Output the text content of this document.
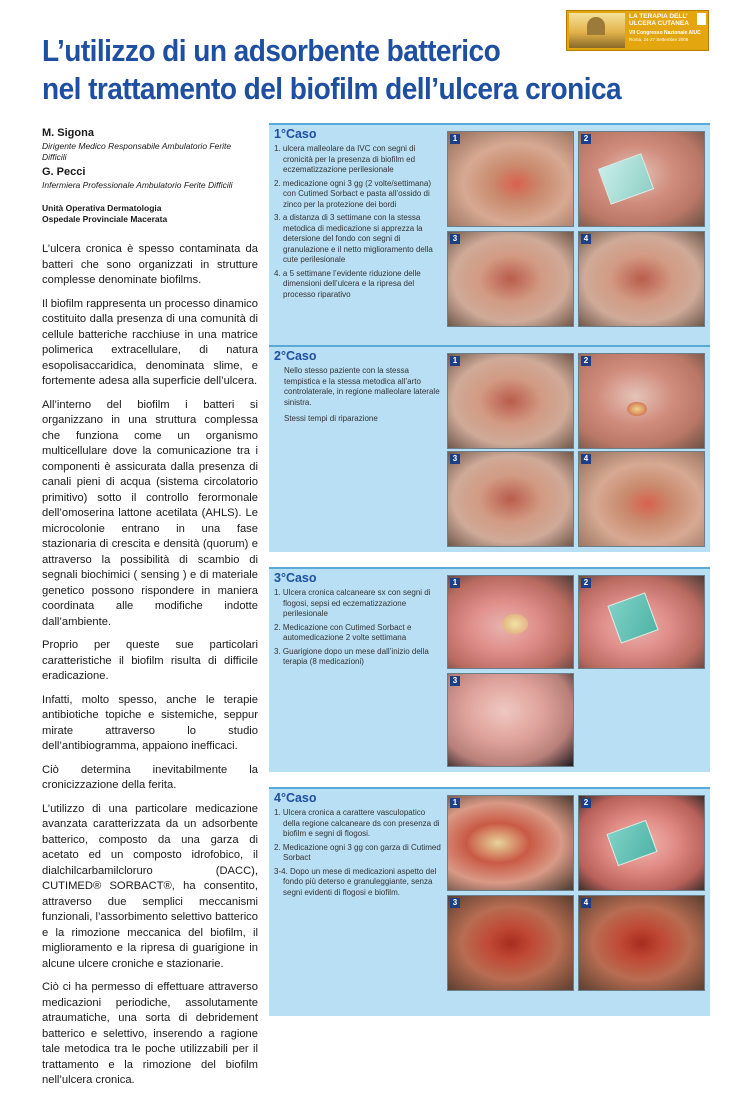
L’utilizzo di un adsorbente batterico
nel trattamento del biofilm dell’ulcera cronica
LA TERAPIA DELL’ ULCERA CUTANEA
VII Congresso Nazionale AIUC
Roma, 24-27 Settembre 2008

M. Sigona

Dirigente Medico Responsabile Ambulatorio Ferite Difficili

G. Pecci

Infermiera Professionale Ambulatorio Ferite Difficili

Unità Operativa Dermatologia
Ospedale Provinciale Macerata

L’ulcera cronica è spesso contaminata da batteri che sono organizzati in strutture complesse denominate biofilms.

Il biofilm rappresenta un processo dinamico costituito dalla presenza di una comunità di cellule batteriche racchiuse in una matrice polimerica extracellulare, di natura esopolisaccaridica, denominata slime, e fortemente adesa alla superficie dell’ulcera.

All’interno del biofilm i batteri si organizzano in una struttura complessa che funziona come un organismo multicellulare dove la comunicazione tra i componenti è assicurata dalla presenza di canali pieni di acqua (sistema circolatorio primitivo) sotto il controllo ferormonale dell’omoserina lattone acetilata (AHLS). Le microcolonie entrano in una fase stazionaria di crescita e densità (quorum) e attraverso la possibilità di scambio di segnali biochimici ( sensing ) e di materiale genetico possono rispondere in maniera coordinata alle modifiche indotte dall’ambiente.

Proprio per queste sue particolari caratteristiche il biofilm risulta di difficile eradicazione.

Infatti, molto spesso, anche le terapie antibiotiche topiche e sistemiche, seppur mirate attraverso lo studio dell’antibiogramma, appaiono inefficaci.

Ciò determina inevitabilmente la cronicizzazione della ferita.

L’utilizzo di una particolare medicazione avanzata caratterizzata da un adsorbente batterico, composto da una garza di acetato ed un composto idrofobico, il dialchilcarbamilcloruro (DACC), CUTIMED® SORBACT®, ha consentito, attraverso due semplici meccanismi funzionali, l’assorbimento selettivo batterico e la rimozione meccanica del biofilm, il miglioramento e la ripresa di guarigione in alcune ulcere croniche e stazionarie.

Ciò ci ha permesso di effettuare attraverso medicazioni periodiche, assolutamente atraumatiche, una sorta di debridement batterico e selettivo, inserendo a ragione tale metodica tra le poche utilizzabili per il trattamento e la rimozione del biofilm nell’ulcera cronica.

1°Caso
1. ulcera malleolare da IVC con segni di cronicità per la presenza di biofilm ed eczematizzazione perilesionale
2. medicazione ogni 3 gg (2 volte/settimana) con Cutimed Sorbact e pasta all’ossido di zinco per la protezione dei bordi
3. a distanza di 3 settimane con la stessa metodica di medicazione si apprezza la detersione del fondo con segni di granulazione e il netto miglioramento della cute perilesionale
4. a 5 settimane l’evidente riduzione delle dimensioni dell’ulcera e la ripresa del processo riparativo
1	2
3	4
2°Caso

Nello stesso paziente con la stessa tempistica e la stessa metodica all’arto controlaterale, in regione malleolare laterale sinistra.

Stessi tempi di riparazione

1	2
3	4
3°Caso
1. Ulcera cronica calcaneare sx con segni di flogosi, sepsi ed eczematizzazione perilesionale
2. Medicazione con Cutimed Sorbact e automedicazione 2 volte settimana
3. Guarigione dopo un mese dall’inizio della terapia (8 medicazioni)
1	2
3
4°Caso
1. Ulcera cronica a carattere vasculopatico della regione calcaneare ds con presenza di biofilm e segni di flogosi.
2. Medicazione ogni 3 gg con garza di Cutimed Sorbact
3-4. Dopo un mese di medicazioni aspetto del fondo più deterso e granuleggiante, senza segni evidenti di flogosi e biofilm.
1	2
3	4
